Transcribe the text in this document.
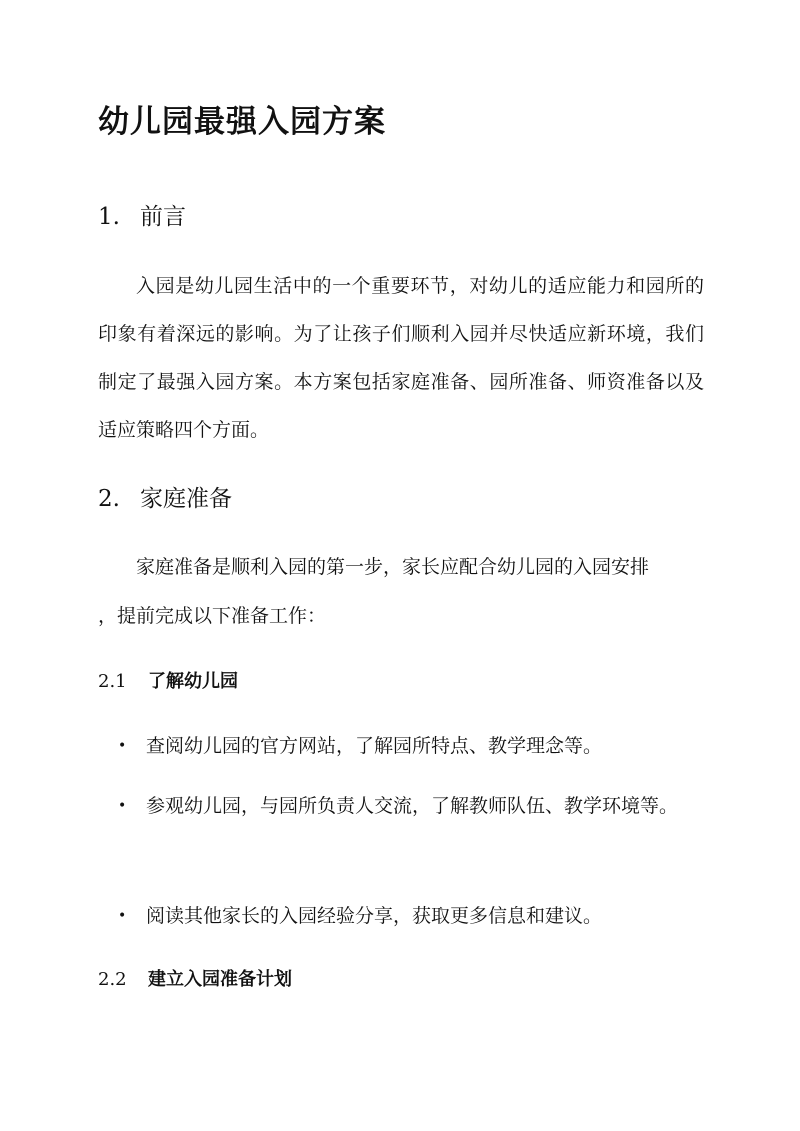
幼儿园最强入园方案
1. 前言

入园是幼儿园生活中的一个重要环节，对幼儿的适应能力和园所的印象有着深远的影响。为了让孩子们顺利入园并尽快适应新环境，我们制定了最强入园方案。本方案包括家庭准备、园所准备、师资准备以及适应策略四个方面。

2. 家庭准备

家庭准备是顺利入园的第一步，家长应配合幼儿园的入园安排

，提前完成以下准备工作：

2.1 了解幼儿园
• 查阅幼儿园的官方网站，了解园所特点、教学理念等。
• 参观幼儿园，与园所负责人交流，了解教师队伍、教学环境等。
• 阅读其他家长的入园经验分享，获取更多信息和建议。
2.2 建立入园准备计划
